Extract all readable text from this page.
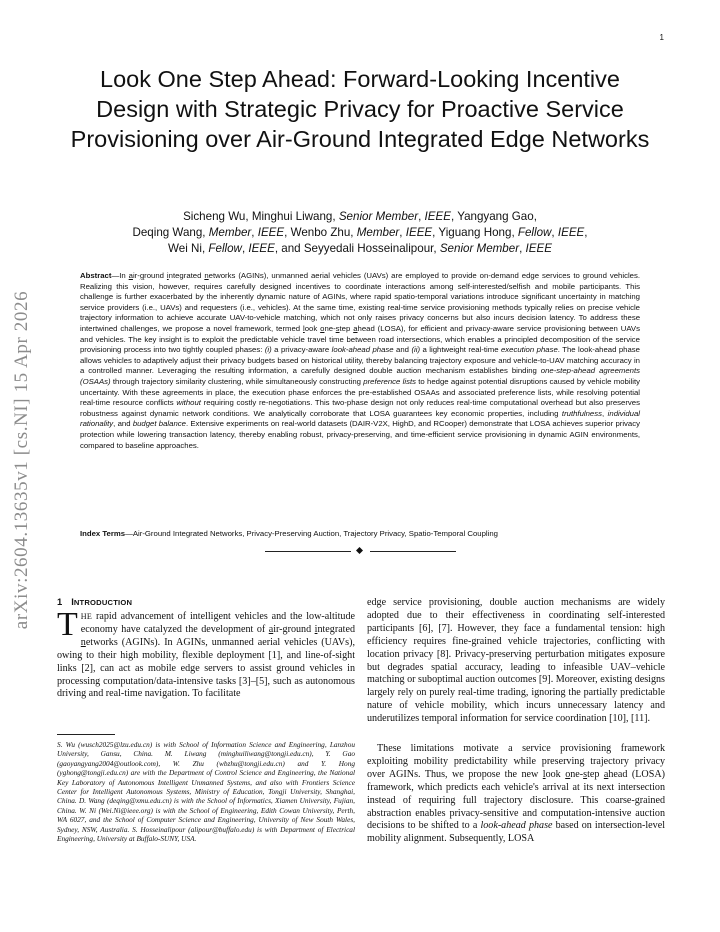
1
arXiv:2604.13635v1 [cs.NI] 15 Apr 2026
Look One Step Ahead: Forward-Looking Incentive Design with Strategic Privacy for Proactive Service Provisioning over Air-Ground Integrated Edge Networks
Sicheng Wu, Minghui Liwang, Senior Member, IEEE, Yangyang Gao,
Deqing Wang, Member, IEEE, Wenbo Zhu, Member, IEEE, Yiguang Hong, Fellow, IEEE,
Wei Ni, Fellow, IEEE, and Seyyedali Hosseinalipour, Senior Member, IEEE

Abstract—In air-ground integrated networks (AGINs), unmanned aerial vehicles (UAVs) are employed to provide on-demand edge services to ground vehicles. Realizing this vision, however, requires carefully designed incentives to coordinate interactions among self-interested/selfish and mobile participants. This challenge is further exacerbated by the inherently dynamic nature of AGINs, where rapid spatio-temporal variations introduce significant uncertainty in matching service providers (i.e., UAVs) and requesters (i.e., vehicles). At the same time, existing real-time service provisioning methods typically relies on precise vehicle trajectory information to achieve accurate UAV-to-vehicle matching, which not only raises privacy concerns but also incurs decision latency. To address these intertwined challenges, we propose a novel framework, termed look one-step ahead (LOSA), for efficient and privacy-aware service provisioning between UAVs and vehicles. The key insight is to exploit the predictable vehicle travel time between road intersections, which enables a principled decomposition of the service provisioning process into two tightly coupled phases: (i) a privacy-aware look-ahead phase and (ii) a lightweight real-time execution phase. The look-ahead phase allows vehicles to adaptively adjust their privacy budgets based on historical utility, thereby balancing trajectory exposure and vehicle-to-UAV matching accuracy in a controlled manner. Leveraging the resulting information, a carefully designed double auction mechanism establishes binding one-step-ahead agreements (OSAAs) through trajectory similarity clustering, while simultaneously constructing preference lists to hedge against potential disruptions caused by vehicle mobility uncertainty. With these agreements in place, the execution phase enforces the pre-established OSAAs and associated preference lists, while resolving potential real-time resource conflicts without requiring costly re-negotiations. This two-phase design not only reduces real-time computational overhead but also preserves robustness against dynamic network conditions. We analytically corroborate that LOSA guarantees key economic properties, including truthfulness, individual rationality, and budget balance. Extensive experiments on real-world datasets (DAIR-V2X, HighD, and RCooper) demonstrate that LOSA achieves superior privacy protection while lowering transaction latency, thereby enabling robust, privacy-preserving, and time-efficient service provisioning in dynamic AGIN environments, compared to baseline approaches.

Index Terms—Air-Ground Integrated Networks, Privacy-Preserving Auction, Trajectory Privacy, Spatio-Temporal Coupling

1 INTRODUCTION

THE rapid advancement of intelligent vehicles and the low-altitude economy have catalyzed the development of air-ground integrated networks (AGINs). In AGINs, unmanned aerial vehicles (UAVs), owing to their high mobility, flexible deployment [1], and line-of-sight links [2], can act as mobile edge servers to assist ground vehicles in processing computation/data-intensive tasks [3]–[5], such as autonomous driving and real-time navigation. To facilitate

S. Wu (wusch2025@lzu.edu.cn) is with School of Information Science and Engineering, Lanzhou University, Gansu, China. M. Liwang (minghuiliwang@tongji.edu.cn), Y. Gao (gaoyangyang2004@outlook.com), W. Zhu (wbzhu@tongji.edu.cn) and Y. Hong (yghong@tongji.edu.cn) are with the Department of Control Science and Engineering, the National Key Laboratory of Autonomous Intelligent Unmanned Systems, and also with Frontiers Science Center for Intelligent Autonomous Systems, Ministry of Education, Tongji University, Shanghai, China. D. Wang (deqing@xmu.edu.cn) is with the School of Informatics, Xiamen University, Fujian, China. W. Ni (Wei.Ni@ieee.org) is with the School of Engineering, Edith Cowan University, Perth, WA 6027, and the School of Computer Science and Engineering, University of New South Wales, Sydney, NSW, Australia. S. Hosseinalipour (alipour@buffalo.edu) is with Department of Electrical Engineering, University at Buffalo-SUNY, USA.

edge service provisioning, double auction mechanisms are widely adopted due to their effectiveness in coordinating self-interested participants [6], [7]. However, they face a fundamental tension: high efficiency requires fine-grained vehicle trajectories, conflicting with location privacy [8]. Privacy-preserving perturbation mitigates exposure but degrades spatial accuracy, leading to infeasible UAV–vehicle matching or suboptimal auction outcomes [9]. Moreover, existing designs largely rely on purely real-time trading, ignoring the partially predictable nature of vehicle mobility, which incurs unnecessary latency and underutilizes temporal information for service coordination [10], [11].

These limitations motivate a service provisioning framework exploiting mobility predictability while preserving trajectory privacy over AGINs. Thus, we propose the new look one-step ahead (LOSA) framework, which predicts each vehicle's arrival at its next intersection instead of requiring full trajectory disclosure. This coarse-grained abstraction enables privacy-sensitive and computation-intensive auction decisions to be shifted to a look-ahead phase based on intersection-level mobility alignment. Subsequently, LOSA
